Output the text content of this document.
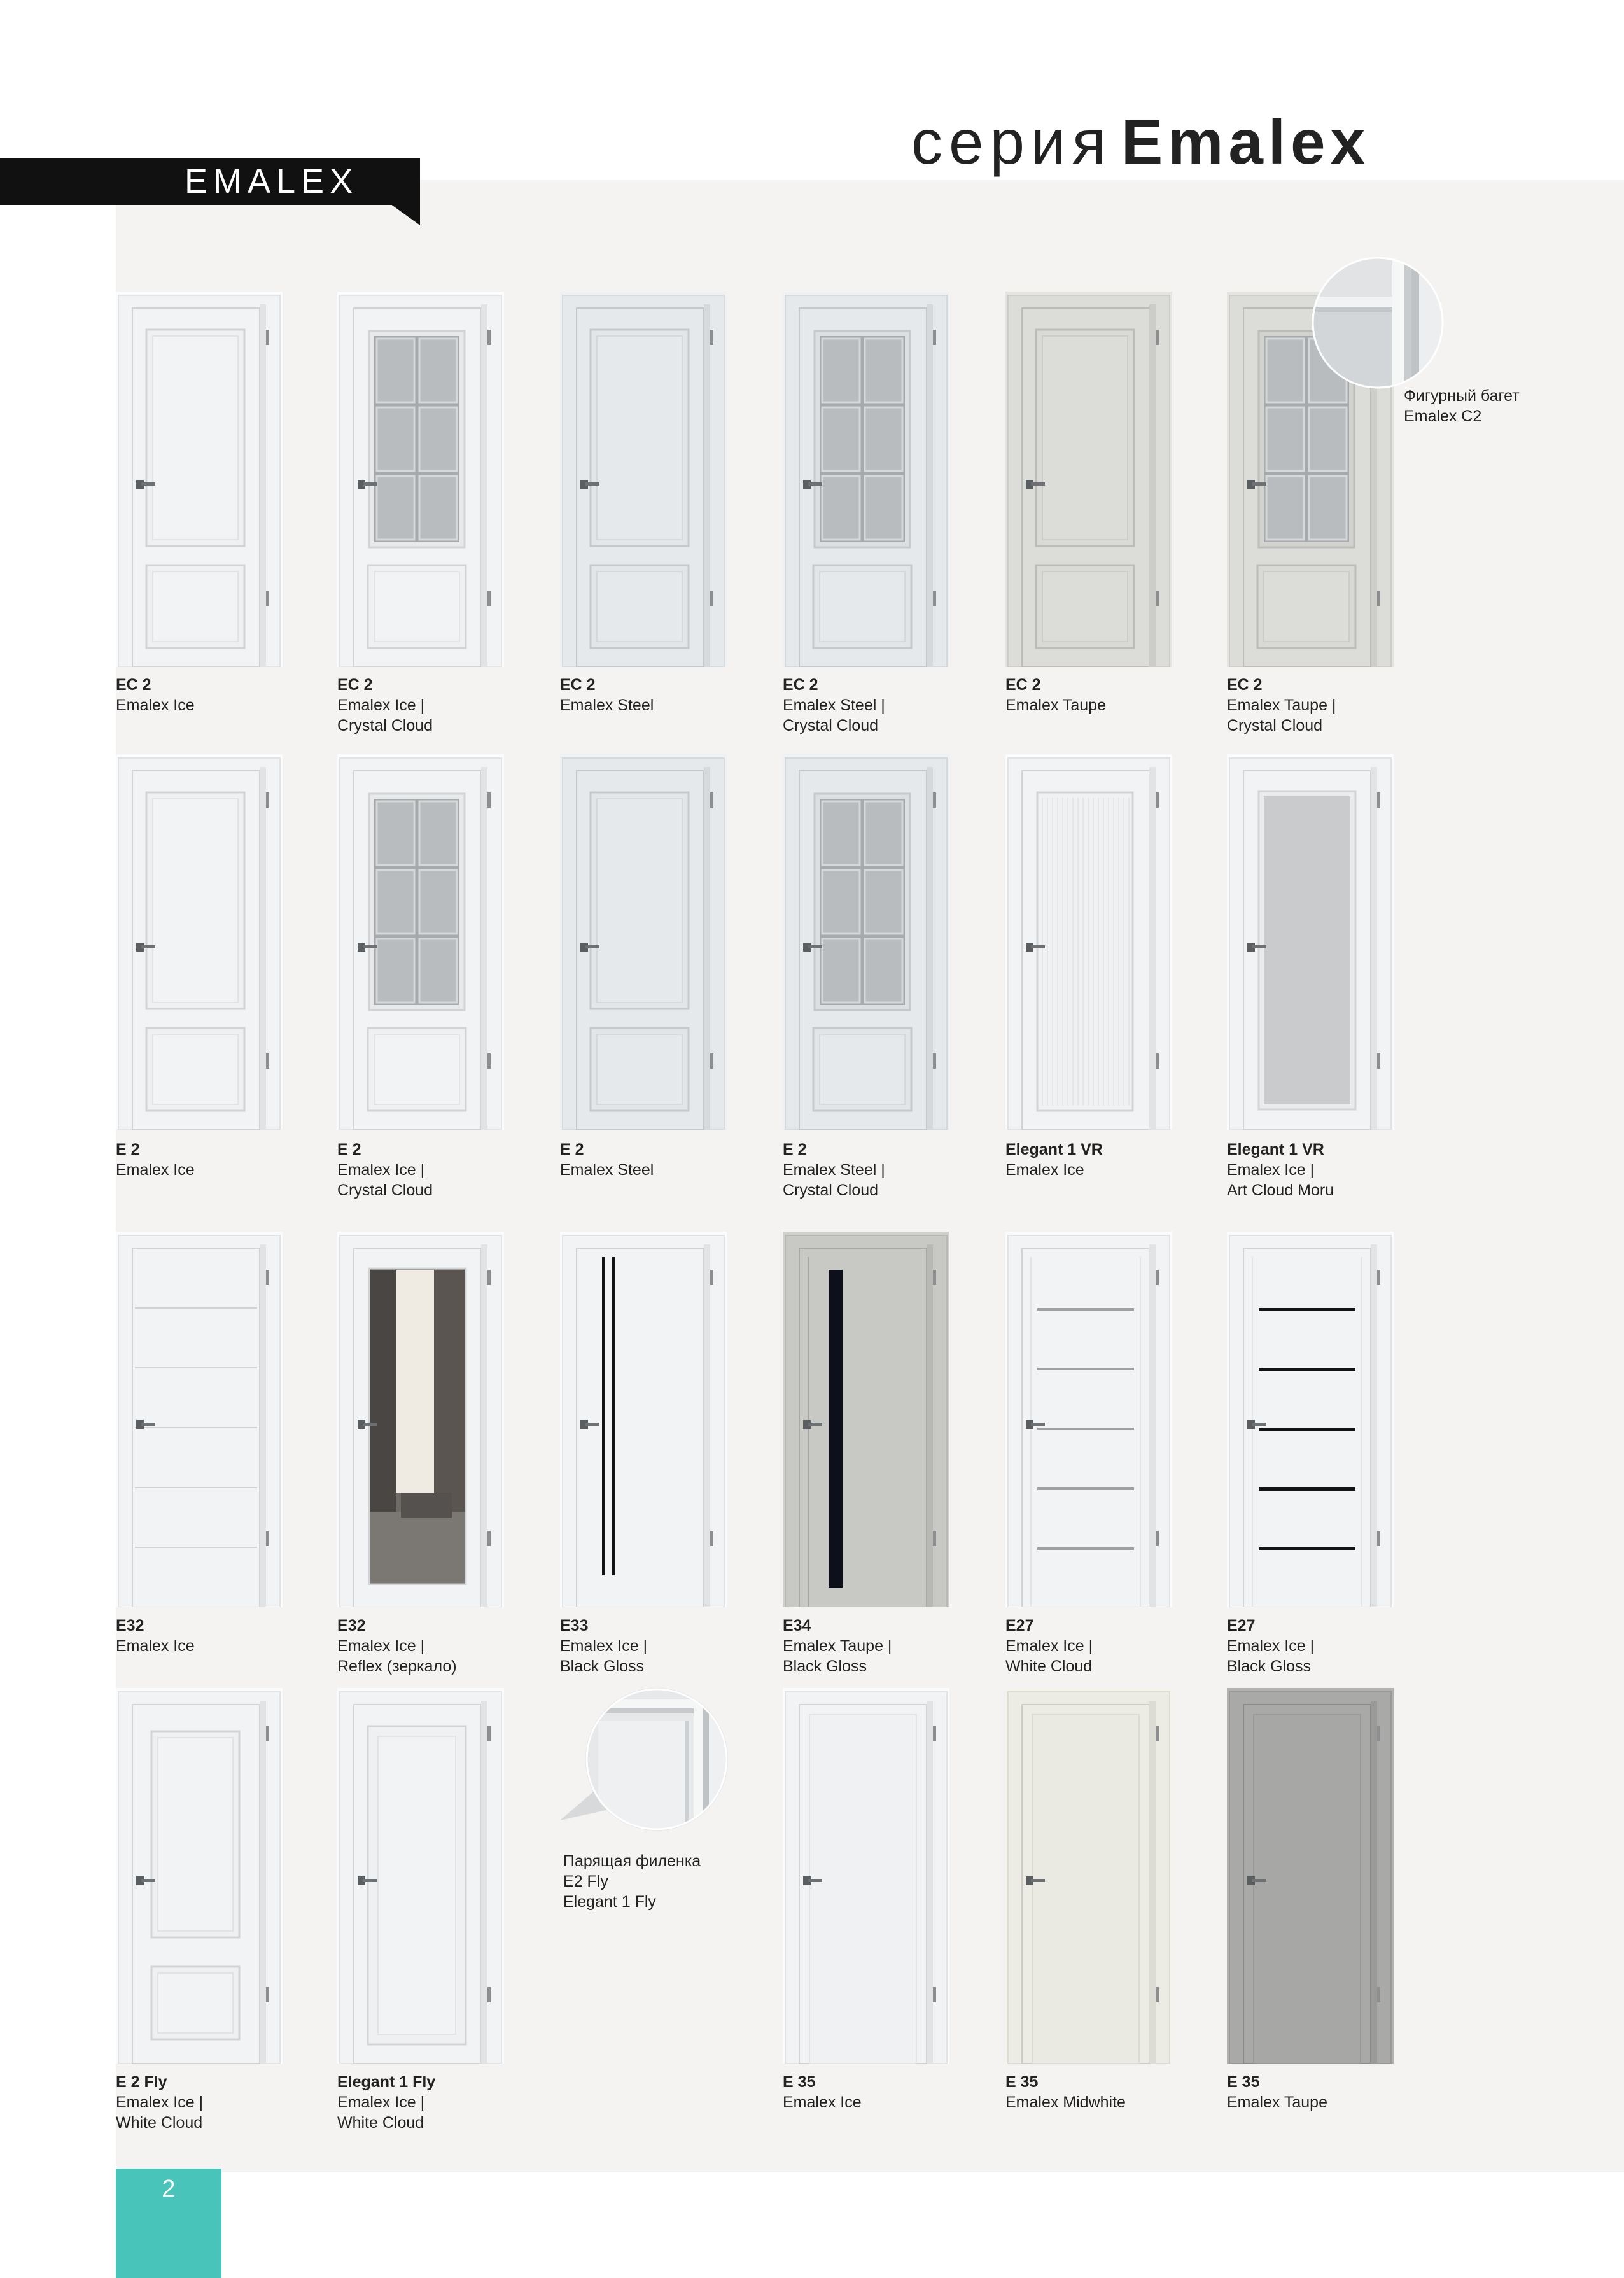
серия Emalex
EMALEX
EC 2
Emalex Ice
EC 2
Emalex Ice |
Crystal Cloud
EC 2
Emalex Steel
EC 2
Emalex Steel |
Crystal Cloud
EC 2
Emalex Taupe
EC 2
Emalex Taupe |
Crystal Cloud
E 2
Emalex Ice
E 2
Emalex Ice |
Crystal Cloud
E 2
Emalex Steel
E 2
Emalex Steel |
Crystal Cloud
Elegant 1 VR
Emalex Ice
Elegant 1 VR
Emalex Ice |
Art Cloud Moru
E32
Emalex Ice
E32
Emalex Ice |
Reflex (зеркало)
E33
Emalex Ice |
Black Gloss
E34
Emalex Taupe |
Black Gloss
E27
Emalex Ice |
White Cloud
E27
Emalex Ice |
Black Gloss
E 2 Fly
Emalex Ice |
White Cloud
Elegant 1 Fly
Emalex Ice |
White Cloud
E 35
Emalex Ice
E 35
Emalex Midwhite
E 35
Emalex Taupe
Фигурный багет
Emalex C2
Парящая филенка
E2 Fly
Elegant 1 Fly
2
